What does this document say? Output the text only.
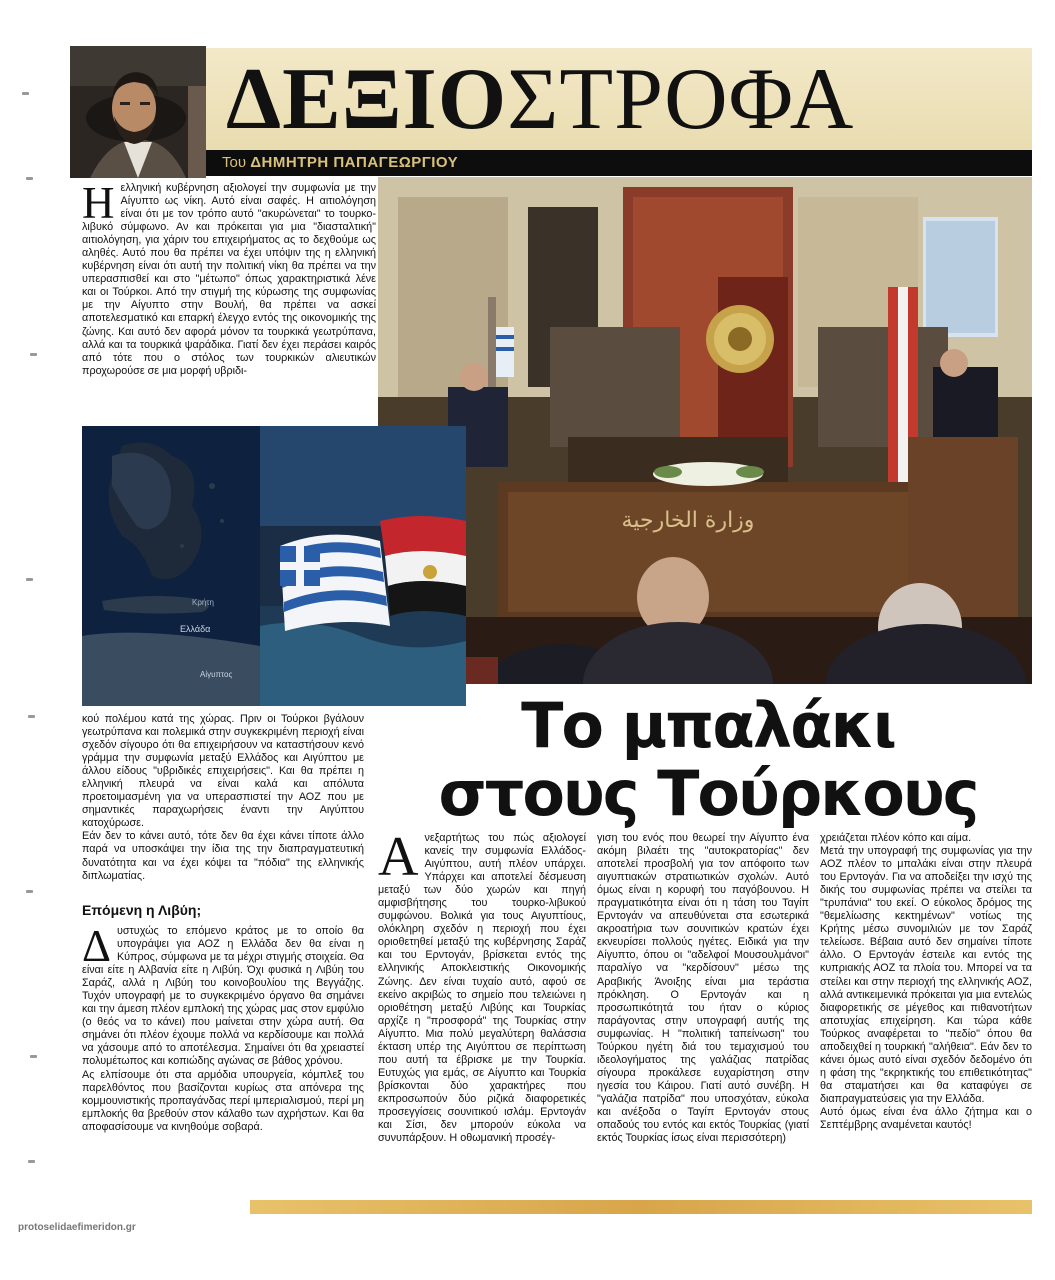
ΔΕΞΙΟΣΤΡΟΦΑ
Του ΔΗΜΗΤΡΗ ΠΑΠΑΓΕΩΡΓΙΟΥ
Ηελληνική κυβέρνηση αξιολογεί την συμφωνία με την Αίγυπτο ως νίκη. Αυτό είναι σαφές. Η αιτιολόγηση είναι ότι με τον τρόπο αυτό "ακυρώνεται" το τουρκο-λιβυκό σύμφωνο. Αν και πρόκειται για μια "διασταλτική" αιτιολόγηση, για χάριν του επιχειρήματος ας το δεχθούμε ως αληθές. Αυτό που θα πρέπει να έχει υπόψιν της η ελληνική κυβέρνηση είναι ότι αυτή την πολιτική νίκη θα πρέπει να την υπερασπισθεί και στο "μέτωπο" όπως χαρακτηριστικά λένε και οι Τούρκοι. Από την στιγμή της κύρωσης της συμφωνίας με την Αίγυπτο στην Βουλή, θα πρέπει να ασκεί αποτελεσματικό και επαρκή έλεγχο εντός της οικονομικής της ζώνης. Και αυτό δεν αφορά μόνον τα τουρκικά γεωτρύπανα, αλλά και τα τουρκικά ψαράδικα. Γιατί δεν έχει περάσει καιρός από τότε που ο στόλος των τουρκικών αλιευτικών προχωρούσε σε μια μορφή υβριδι-
وزارة الخارجية
Κρήτη
Ελλάδα
Αίγυπτος
Το μπαλάκι
στους Τούρκους

κού πολέμου κατά της χώρας. Πριν οι Τούρκοι βγάλουν γεωτρύπανα και πολεμικά στην συγκεκριμένη περιοχή είναι σχεδόν σίγουρο ότι θα επιχειρήσουν να καταστήσουν κενό γράμμα την συμφωνία μεταξύ Ελλάδος και Αιγύπτου με άλλου είδους "υβριδικές επιχειρήσεις". Και θα πρέπει η ελληνική πλευρά να είναι καλά και απόλυτα προετοιμασμένη για να υπερασπιστεί την ΑΟΖ που με σημαντικές παραχωρήσεις έναντι την Αιγύπτου κατοχύρωσε.

Εάν δεν το κάνει αυτό, τότε δεν θα έχει κάνει τίποτε άλλο παρά να υποσκάψει την ίδια της την διαπραγματευτική δυνατότητα και να έχει κόψει τα "πόδια" της ελληνικής διπλωματίας.

Επόμενη η Λιβύη;
Δυστυχώς το επόμενο κράτος με το οποίο θα υπογράψει για ΑΟΖ η Ελλάδα δεν θα είναι η Κύπρος, σύμφωνα με τα μέχρι στιγμής στοιχεία. Θα είναι είτε η Αλβανία είτε η Λιβύη. Όχι φυσικά η Λιβύη του Σαράζ, αλλά η Λιβύη του κοινοβουλίου της Βεγγάζης. Τυχόν υπογραφή με το συγκεκριμένο όργανο θα σημάνει και την άμεση πλέον εμπλοκή της χώρας μας στον εμφύλιο (ο θεός να το κάνει) που μαίνεται στην χώρα αυτή. Θα σημάνει ότι πλέον έχουμε πολλά να κερδίσουμε και πολλά να χάσουμε από το αποτέλεσμα. Σημαίνει ότι θα χρειαστεί πολυμέτωπος και κοπιώδης αγώνας σε βάθος χρόνου.

Ας ελπίσουμε ότι στα αρμόδια υπουργεία, κόμπλεξ του παρελθόντος που βασίζονται κυρίως στα απόνερα της κομμουνιστικής προπαγάνδας περί ιμπεριαλισμού, περί μη εμπλοκής θα βρεθούν στον κάλαθο των αχρήστων. Και θα αποφασίσουμε να κινηθούμε σοβαρά.

Ανεξαρτήτως του πώς αξιολογεί κανείς την συμφωνία Ελλάδος-Αιγύπτου, αυτή πλέον υπάρχει. Υπάρχει και αποτελεί δέσμευση μεταξύ των δύο χωρών και πηγή αμφισβήτησης του τουρκο-λιβυκού συμφώνου. Βολικά για τους Αιγυπτίους, ολόκληρη σχεδόν η περιοχή που έχει οριοθετηθεί μεταξύ της κυβέρνησης Σαράζ και του Ερντογάν, βρίσκεται εντός της ελληνικής Αποκλειστικής Οικονομικής Ζώνης. Δεν είναι τυχαίο αυτό, αφού σε εκείνο ακριβώς το σημείο που τελειώνει η οριοθέτηση μεταξύ Λιβύης και Τουρκίας αρχίζε η "προσφορά" της Τουρκίας στην Αίγυπτο. Μια πολύ μεγαλύτερη θαλάσσια έκταση υπέρ της Αιγύπτου σε περίπτωση που αυτή τα έβρισκε με την Τουρκία. Ευτυχώς για εμάς, σε Αίγυπτο και Τουρκία βρίσκονται δύο χαρακτήρες που εκπροσωπούν δύο ριζικά διαφορετικές προσεγγίσεις σουνιτικού ισλάμ. Ερντογάν και Σίσι, δεν μπορούν εύκολα να συνυπάρξουν. Η οθωμανική προσέγ-
γιση του ενός που θεωρεί την Αίγυπτο ένα ακόμη βιλαέτι της "αυτοκρατορίας" δεν αποτελεί προσβολή για τον απόφοιτο των αιγυπτιακών στρατιωτικών σχολών. Αυτό όμως είναι η κορυφή του παγόβουνου. Η πραγματικότητα είναι ότι η τάση του Ταγίπ Ερντογάν να απευθύνεται στα εσωτερικά ακροατήρια των σουνιτικών κρατών έχει εκνευρίσει πολλούς ηγέτες. Ειδικά για την Αίγυπτο, όπου οι "αδελφοί Μουσουλμάνοι" παραλίγο να "κερδίσουν" μέσω της Αραβικής Άνοιξης είναι μια τεράστια πρόκληση. Ο Ερντογάν και η προσωπικότητά του ήταν ο κύριος παράγοντας στην υπογραφή αυτής της συμφωνίας. Η "πολιτική ταπείνωση" του Τούρκου ηγέτη διά του τεμαχισμού του ιδεολογήματος της γαλάζιας πατρίδας σίγουρα προκάλεσε ευχαρίστηση στην ηγεσία του Κάιρου. Γιατί αυτό συνέβη. Η "γαλάζια πατρίδα" που υποσχόταν, εύκολα και ανέξοδα ο Ταγίπ Ερντογάν στους οπαδούς του εντός και εκτός Τουρκίας (γιατί εκτός Τουρκίας ίσως είναι περισσότερη)

χρειάζεται πλέον κόπο και αίμα.

Μετά την υπογραφή της συμφωνίας για την ΑΟΖ πλέον το μπαλάκι είναι στην πλευρά του Ερντογάν. Για να αποδείξει την ισχύ της δικής του συμφωνίας πρέπει να στείλει τα "τρυπάνια" του εκεί. Ο εύκολος δρόμος της "θεμελίωσης κεκτημένων" νοτίως της Κρήτης μέσω συνομιλιών με τον Σαράζ τελείωσε. Βέβαια αυτό δεν σημαίνει τίποτε άλλο. Ο Ερντογάν έστειλε και εντός της κυπριακής ΑΟΖ τα πλοία του. Μπορεί να τα στείλει και στην περιοχή της ελληνικής ΑΟΖ, αλλά αντικειμενικά πρόκειται για μια εντελώς διαφορετικής σε μέγεθος και πιθανοτήτων αποτυχίας επιχείρηση. Και τώρα κάθε Τούρκος αναφέρεται το "πεδίο" όπου θα αποδειχθεί η τουρκική "αλήθεια". Εάν δεν το κάνει όμως αυτό είναι σχεδόν δεδομένο ότι η φάση της "εκρηκτικής του επιθετικότητας" θα σταματήσει και θα καταφύγει σε διαπραγματεύσεις για την Ελλάδα.

Αυτό όμως είναι ένα άλλο ζήτημα και ο Σεπτέμβρης αναμένεται καυτός!

protoselidaefimeridon.gr
